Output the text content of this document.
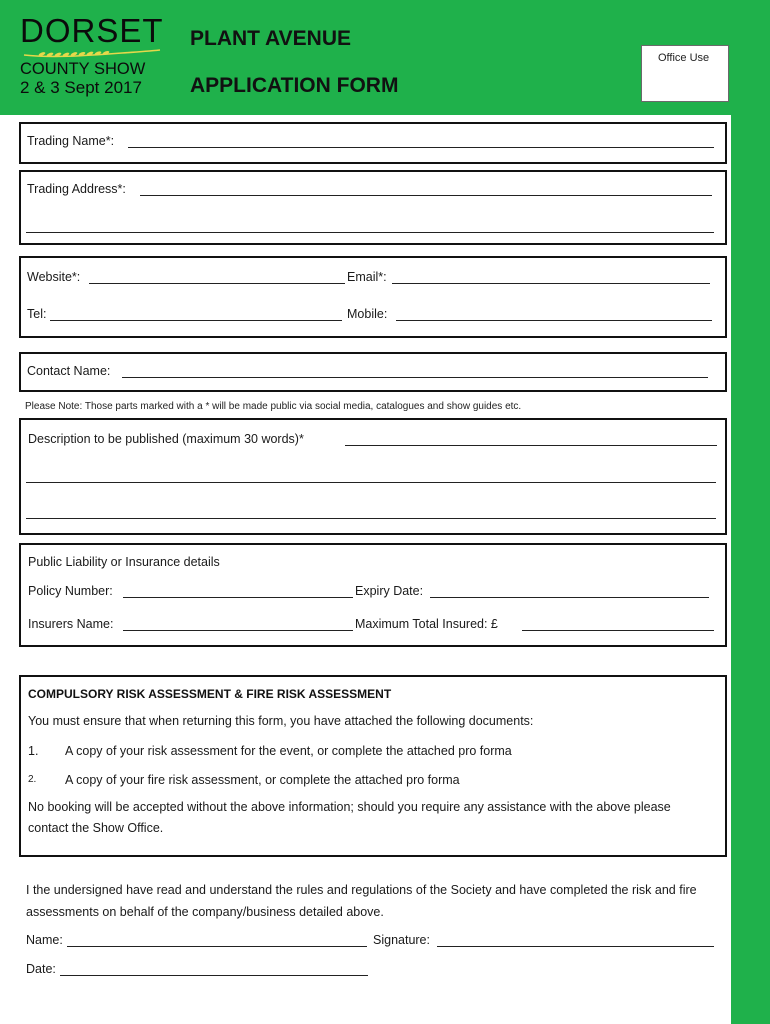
DORSET
COUNTY SHOW
2 & 3 Sept 2017
PLANT AVENUE
APPLICATION FORM
Office Use
Trading Name*:
Trading Address*:
Website*:	Email*:
Tel:	Mobile:
Contact Name:
Please Note: Those parts marked with a * will be made public via social media, catalogues and show guides etc.
Description to be published (maximum 30 words)*
Public Liability or Insurance details
Policy Number:	Expiry Date:
Insurers Name:	Maximum Total Insured: £
COMPULSORY RISK ASSESSMENT & FIRE RISK ASSESSMENT
You must ensure that when returning this form, you have attached the following documents:
1. A copy of your risk assessment for the event, or complete the attached pro forma
2. A copy of your fire risk assessment, or complete the attached pro forma
No booking will be accepted without the above information; should you require any assistance with the above please contact the Show Office.
I the undersigned have read and understand the rules and regulations of the Society and have completed the risk and fire assessments on behalf of the company/business detailed above.
Name:	Signature:
Date:
